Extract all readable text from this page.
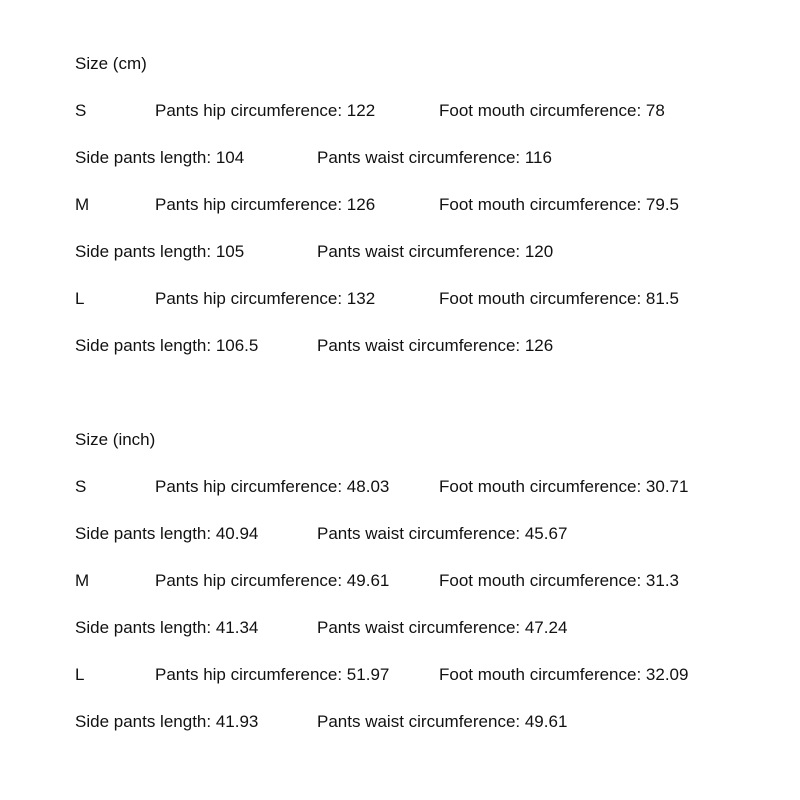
Size (cm)
S	Pants hip circumference: 122	Foot mouth circumference: 78
Side pants length: 104	Pants waist circumference: 116
M	Pants hip circumference: 126	Foot mouth circumference: 79.5
Side pants length: 105	Pants waist circumference: 120
L	Pants hip circumference: 132	Foot mouth circumference: 81.5
Side pants length: 106.5	Pants waist circumference: 126
Size (inch)
S	Pants hip circumference: 48.03	Foot mouth circumference: 30.71
Side pants length: 40.94	Pants waist circumference: 45.67
M	Pants hip circumference: 49.61	Foot mouth circumference: 31.3
Side pants length: 41.34	Pants waist circumference: 47.24
L	Pants hip circumference: 51.97	Foot mouth circumference: 32.09
Side pants length: 41.93	Pants waist circumference: 49.61
